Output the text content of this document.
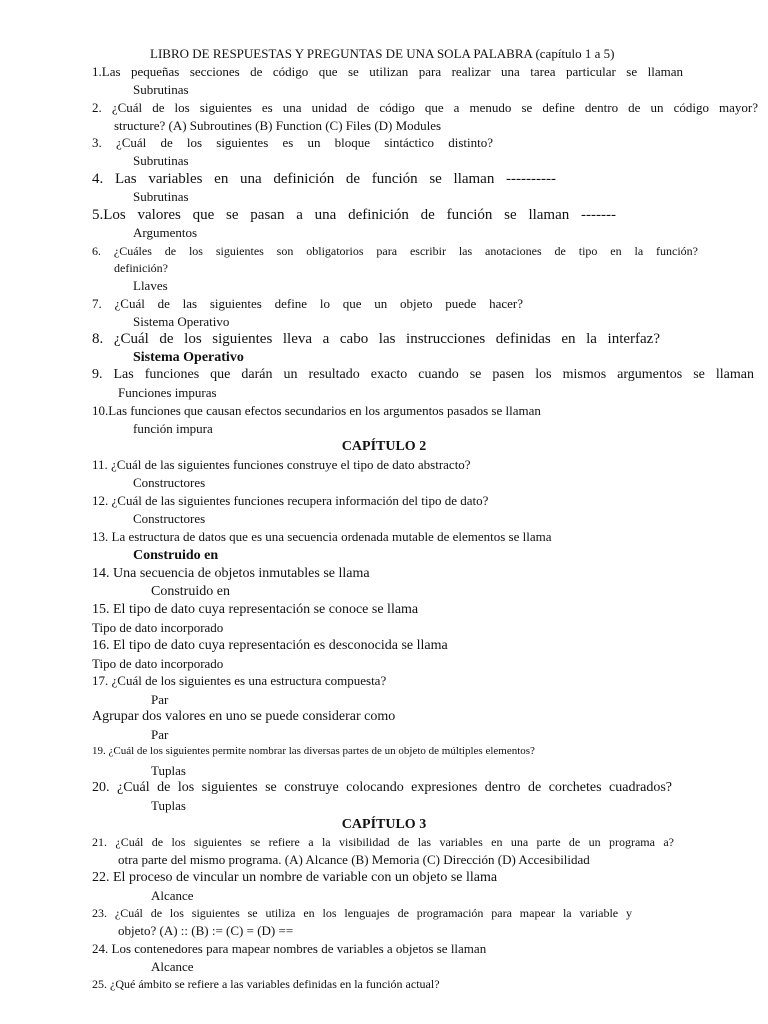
LIBRO DE RESPUESTAS Y PREGUNTAS DE UNA SOLA PALABRA (capítulo 1 a 5)
1.Las pequeñas secciones de código que se utilizan para realizar una tarea particular se llaman
Subrutinas
2. ¿Cuál de los siguientes es una unidad de código que a menudo se define dentro de un código mayor?
structure? (A) Subroutines (B) Function (C) Files (D) Modules
3. ¿Cuál de los siguientes es un bloque sintáctico distinto?
Subrutinas
4. Las variables en una definición de función se llaman ----------
Subrutinas
5.Los valores que se pasan a una definición de función se llaman -------
Argumentos
6. ¿Cuáles de los siguientes son obligatorios para escribir las anotaciones de tipo en la función?
definición?
Llaves
7. ¿Cuál de las siguientes define lo que un objeto puede hacer?
Sistema Operativo
8. ¿Cuál de los siguientes lleva a cabo las instrucciones definidas en la interfaz?
Sistema Operativo
9. Las funciones que darán un resultado exacto cuando se pasen los mismos argumentos se llaman
Funciones impuras
10.Las funciones que causan efectos secundarios en los argumentos pasados se llaman
función impura
CAPÍTULO 2
11. ¿Cuál de las siguientes funciones construye el tipo de dato abstracto?
Constructores
12. ¿Cuál de las siguientes funciones recupera información del tipo de dato?
Constructores
13. La estructura de datos que es una secuencia ordenada mutable de elementos se llama
Construido en
14. Una secuencia de objetos inmutables se llama
Construido en
15. El tipo de dato cuya representación se conoce se llama
Tipo de dato incorporado
16. El tipo de dato cuya representación es desconocida se llama
Tipo de dato incorporado
17. ¿Cuál de los siguientes es una estructura compuesta?
Par
Agrupar dos valores en uno se puede considerar como
Par
19. ¿Cuál de los siguientes permite nombrar las diversas partes de un objeto de múltiples elementos?
Tuplas
20. ¿Cuál de los siguientes se construye colocando expresiones dentro de corchetes cuadrados?
Tuplas
CAPÍTULO 3
21. ¿Cuál de los siguientes se refiere a la visibilidad de las variables en una parte de un programa a?
otra parte del mismo programa. (A) Alcance (B) Memoria (C) Dirección (D) Accesibilidad
22. El proceso de vincular un nombre de variable con un objeto se llama
Alcance
23. ¿Cuál de los siguientes se utiliza en los lenguajes de programación para mapear la variable y
objeto? (A) :: (B) := (C) = (D) ==
24. Los contenedores para mapear nombres de variables a objetos se llaman
Alcance
25. ¿Qué ámbito se refiere a las variables definidas en la función actual?
